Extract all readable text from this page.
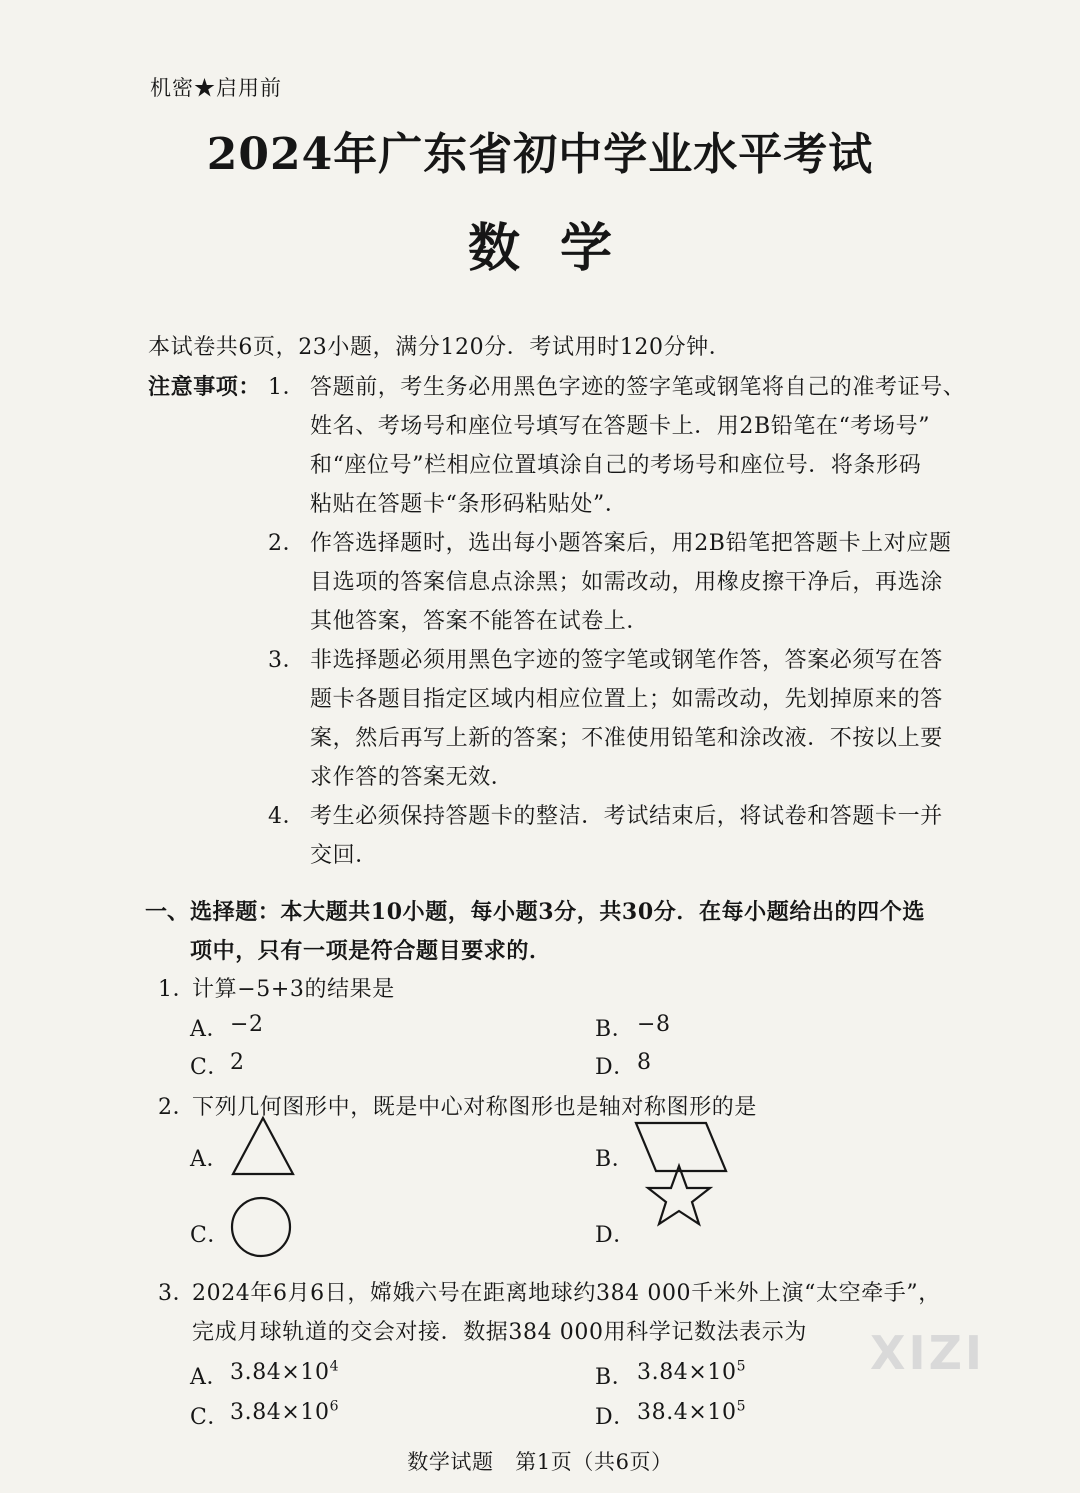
机密★启用前
2024年广东省初中学业水平考试
数学
本试卷共6页，23小题，满分120分．考试用时120分钟．
注意事项： 1． 答题前，考生务必用黑色字迹的签字笔或钢笔将自己的准考证号、
姓名、考场号和座位号填写在答题卡上．用2B铅笔在“考场号”
和“座位号”栏相应位置填涂自己的考场号和座位号．将条形码
粘贴在答题卡“条形码粘贴处”．
2． 作答选择题时，选出每小题答案后，用2B铅笔把答题卡上对应题
目选项的答案信息点涂黑；如需改动，用橡皮擦干净后，再选涂
其他答案，答案不能答在试卷上．
3． 非选择题必须用黑色字迹的签字笔或钢笔作答，答案必须写在答
题卡各题目指定区域内相应位置上；如需改动，先划掉原来的答
案，然后再写上新的答案；不准使用铅笔和涂改液．不按以上要
求作答的答案无效．
4． 考生必须保持答题卡的整洁．考试结束后，将试卷和答题卡一并
交回．
一、 选择题：本大题共10小题，每小题3分，共30分．在每小题给出的四个选
项中，只有一项是符合题目要求的．
1．
计算−5+3的结果是
A． −2	B． −8
C． 2	D． 8
2．
下列几何图形中，既是中心对称图形也是轴对称图形的是
A．	B．
C．	D．
3．
2024年6月6日，嫦娥六号在距离地球约384 000千米外上演“太空牵手”，
完成月球轨道的交会对接．数据384 000用科学记数法表示为
A． $3.84\times 10^4$	B． $3.84\times 10^5$
C． $3.84\times 10^6$	D． $38.4\times 10^5$
数学试题　第1页（共6页）
XIZI
